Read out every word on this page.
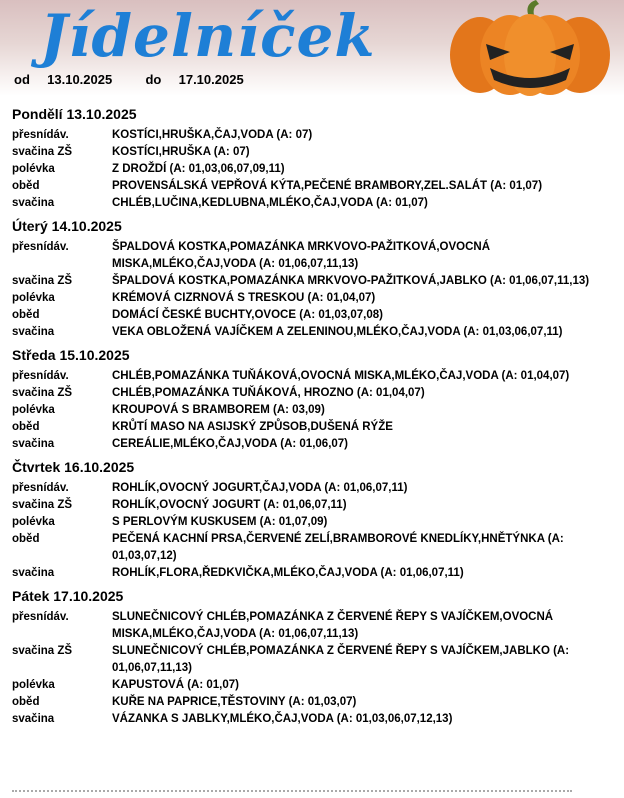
Jídelníček
od 13.10.2025	do 17.10.2025
Pondělí 13.10.2025
přesnídáv.	KOSTÍCI,HRUŠKA,ČAJ,VODA (A: 07)
svačina ZŠ	KOSTÍCI,HRUŠKA (A: 07)
polévka	Z DROŽDÍ (A: 01,03,06,07,09,11)
oběd	PROVENSÁLSKÁ VEPŘOVÁ KÝTA,PEČENÉ BRAMBORY,ZEL.SALÁT (A: 01,07)
svačina	CHLÉB,LUČINA,KEDLUBNA,MLÉKO,ČAJ,VODA (A: 01,07)
Úterý 14.10.2025
přesnídáv.	ŠPALDOVÁ KOSTKA,POMAZÁNKA MRKVOVO-PAŽITKOVÁ,OVOCNÁ MISKA,MLÉKO,ČAJ,VODA (A: 01,06,07,11,13)
svačina ZŠ	ŠPALDOVÁ KOSTKA,POMAZÁNKA MRKVOVO-PAŽITKOVÁ,JABLKO (A: 01,06,07,11,13)
polévka	KRÉMOVÁ CIZRNOVÁ S TRESKOU (A: 01,04,07)
oběd	DOMÁCÍ ČESKÉ BUCHTY,OVOCE (A: 01,03,07,08)
svačina	VEKA OBLOŽENÁ VAJÍČKEM A ZELENINOU,MLÉKO,ČAJ,VODA (A: 01,03,06,07,11)
Středa 15.10.2025
přesnídáv.	CHLÉB,POMAZÁNKA TUŇÁKOVÁ,OVOCNÁ MISKA,MLÉKO,ČAJ,VODA (A: 01,04,07)
svačina ZŠ	CHLÉB,POMAZÁNKA TUŇÁKOVÁ, HROZNO (A: 01,04,07)
polévka	KROUPOVÁ S BRAMBOREM (A: 03,09)
oběd	KRŮTÍ MASO NA ASIJSKÝ ZPŮSOB,DUŠENÁ RÝŽE
svačina	CEREÁLIE,MLÉKO,ČAJ,VODA (A: 01,06,07)
Čtvrtek 16.10.2025
přesnídáv.	ROHLÍK,OVOCNÝ JOGURT,ČAJ,VODA (A: 01,06,07,11)
svačina ZŠ	ROHLÍK,OVOCNÝ JOGURT (A: 01,06,07,11)
polévka	S PERLOVÝM KUSKUSEM (A: 01,07,09)
oběd	PEČENÁ KACHNÍ PRSA,ČERVENÉ ZELÍ,BRAMBOROVÉ KNEDLÍKY,HNĚTÝNKA (A: 01,03,07,12)
svačina	ROHLÍK,FLORA,ŘEDKVIČKA,MLÉKO,ČAJ,VODA (A: 01,06,07,11)
Pátek 17.10.2025
přesnídáv.	SLUNEČNICOVÝ CHLÉB,POMAZÁNKA Z ČERVENÉ ŘEPY S VAJÍČKEM,OVOCNÁ MISKA,MLÉKO,ČAJ,VODA (A: 01,06,07,11,13)
svačina ZŠ	SLUNEČNICOVÝ CHLÉB,POMAZÁNKA Z ČERVENÉ ŘEPY S VAJÍČKEM,JABLKO (A: 01,06,07,11,13)
polévka	KAPUSTOVÁ (A: 01,07)
oběd	KUŘE NA PAPRICE,TĚSTOVINY (A: 01,03,07)
svačina	VÁZANKA S JABLKY,MLÉKO,ČAJ,VODA (A: 01,03,06,07,12,13)
